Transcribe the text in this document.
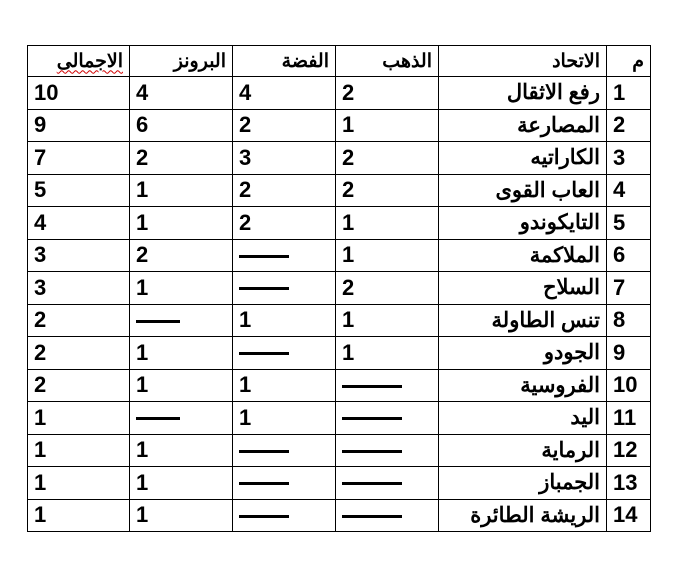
م	الاتحاد	الذهب	الفضة	البرونز	الاجمالى
1	رفع الاثقال	2	4	4	10
2	المصارعة	1	2	6	9
3	الكاراتيه	2	3	2	7
4	العاب القوى	2	2	1	5
5	التايكوندو	1	2	1	4
6	الملاكمة	1		2	3
7	السلاح	2		1	3
8	تنس الطاولة	1	1		2
9	الجودو	1		1	2
10	الفروسية		1	1	2
11	اليد		1		1
12	الرماية			1	1
13	الجمباز			1	1
14	الريشة الطائرة			1	1
